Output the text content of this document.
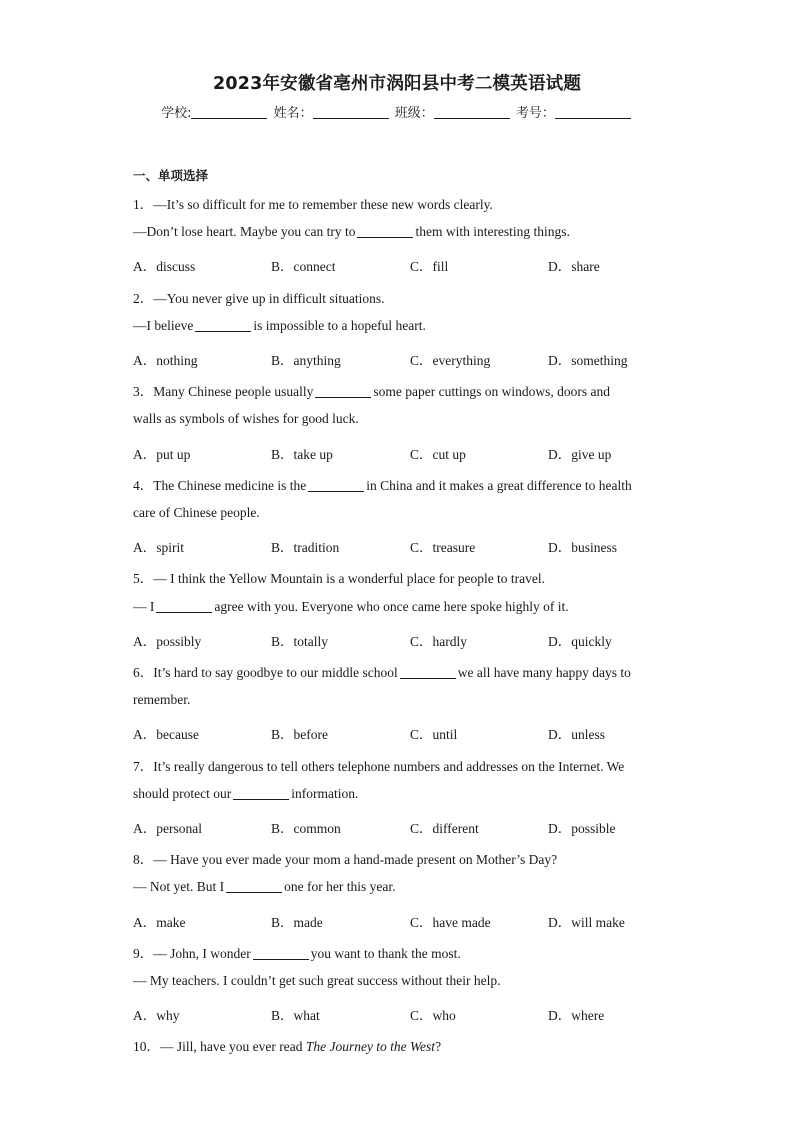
2023年安徽省亳州市涡阳县中考二模英语试题
学校:	姓名：	班级：	考号：
一、单项选择
1．—It’s so difficult for me to remember these new words clearly.
—Don’t lose heart. Maybe you can try to	them with interesting things.
A．discuss	B．connect	C．fill	D．share
2．—You never give up in difficult situations.
—I believe	is impossible to a hopeful heart.
A．nothing	B．anything	C．everything	D．something
3．Many Chinese people usually	some paper cuttings on windows, doors and
walls as symbols of wishes for good luck.
A．put up	B．take up	C．cut up	D．give up
4．The Chinese medicine is the	in China and it makes a great difference to health
care of Chinese people.
A．spirit	B．tradition	C．treasure	D．business
5．— I think the Yellow Mountain is a wonderful place for people to travel.
— I	agree with you. Everyone who once came here spoke highly of it.
A．possibly	B．totally	C．hardly	D．quickly
6．It’s hard to say goodbye to our middle school	we all have many happy days to
remember.
A．because	B．before	C．until	D．unless
7．It’s really dangerous to tell others telephone numbers and addresses on the Internet. We
should protect our	information.
A．personal	B．common	C．different	D．possible
8．— Have you ever made your mom a hand-made present on Mother’s Day?
— Not yet. But I	one for her this year.
A．make	B．made	C．have made	D．will make
9．— John, I wonder	you want to thank the most.
— My teachers. I couldn’t get such great success without their help.
A．why	B．what	C．who	D．where
10．— Jill, have you ever read The Journey to the West?
